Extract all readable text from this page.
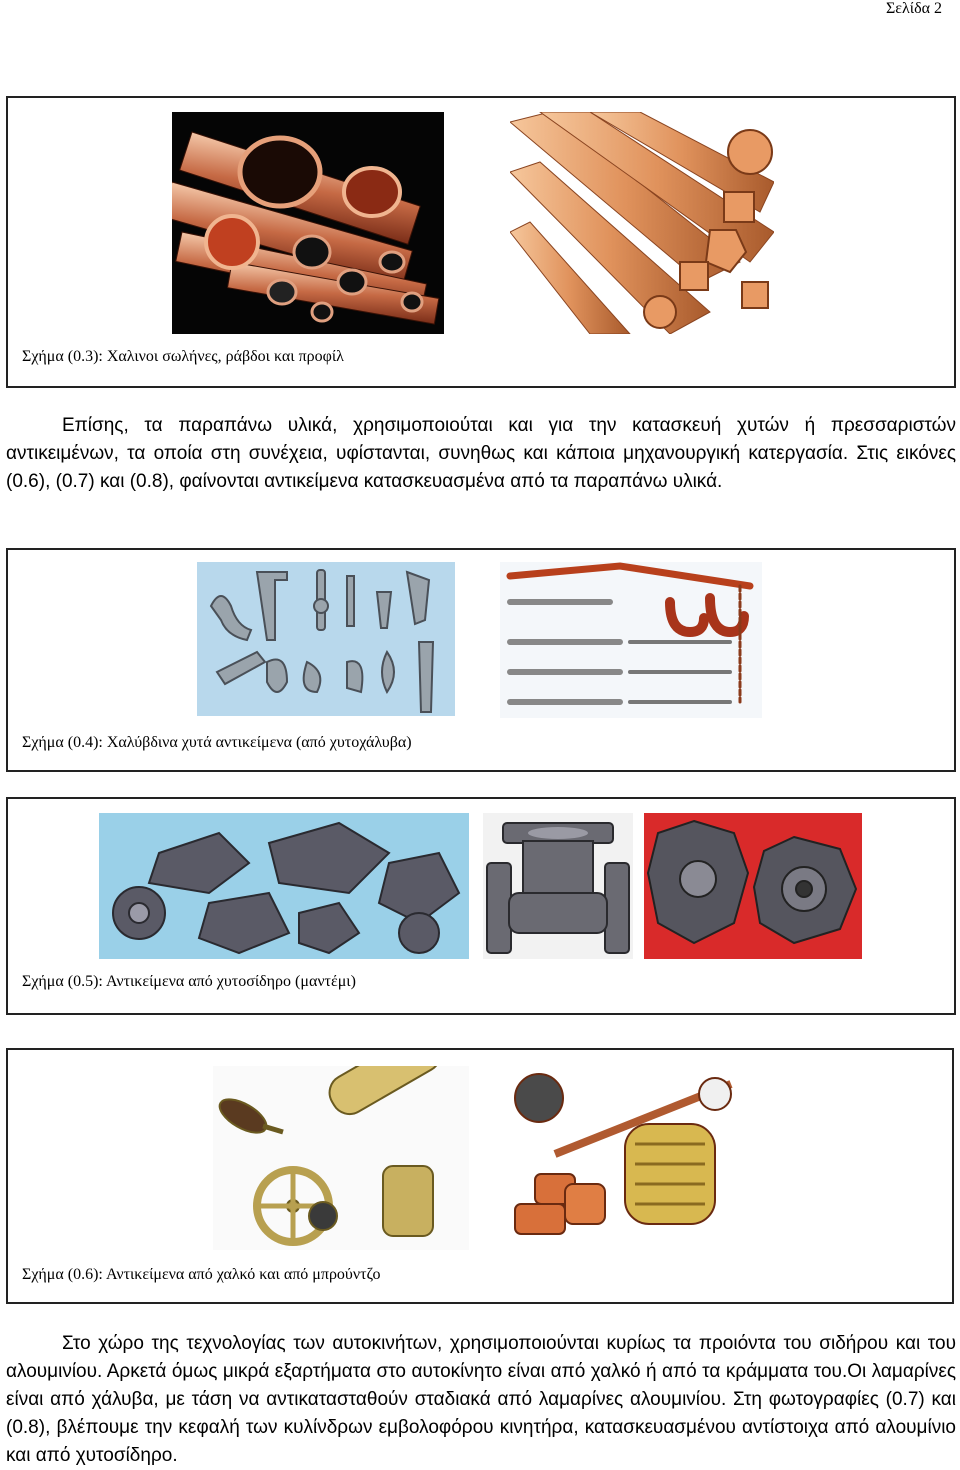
Σελίδα 2
Σχήμα (0.3): Χαλινοι σωλήνες, ράβδοι και προφίλ
Επίσης, τα παραπάνω υλικά, χρησιμοποιούται και για την κατασκευή χυτών ή πρεσσαριστών αντικειμένων, τα οποία στη συνέχεια, υφίστανται, συνηθως και κάποια μηχανουργική κατεργασία. Στις εικόνες (0.6), (0.7) και (0.8), φαίνονται αντικείμενα κατασκευασμένα από τα παραπάνω υλικά.
Σχήμα (0.4): Χαλύβδινα χυτά αντικείμενα (από χυτοχάλυβα)
Σχήμα (0.5): Αντικείμενα από χυτοσίδηρο (μαντέμι)
Σχήμα (0.6): Αντικείμενα από χαλκό και από μπρούντζο
Στο χώρο της τεχνολογίας των αυτοκινήτων, χρησιμοποιούνται κυρίως τα προιόντα του σιδήρου και του αλουμινίου. Αρκετά όμως μικρά εξαρτήματα στο αυτοκίνητο είναι από χαλκό ή από τα κράμματα του.Οι λαμαρίνες είναι από χάλυβα, με τάση να αντικατασταθούν σταδιακά από λαμαρίνες αλουμινίου. Στη φωτογραφίες (0.7) και (0.8), βλέπουμε την κεφαλή των κυλίνδρων εμβολοφόρου κινητήρα, κατασκευασμένου αντίστοιχα από αλουμίνιο και από χυτοσίδηρο.
